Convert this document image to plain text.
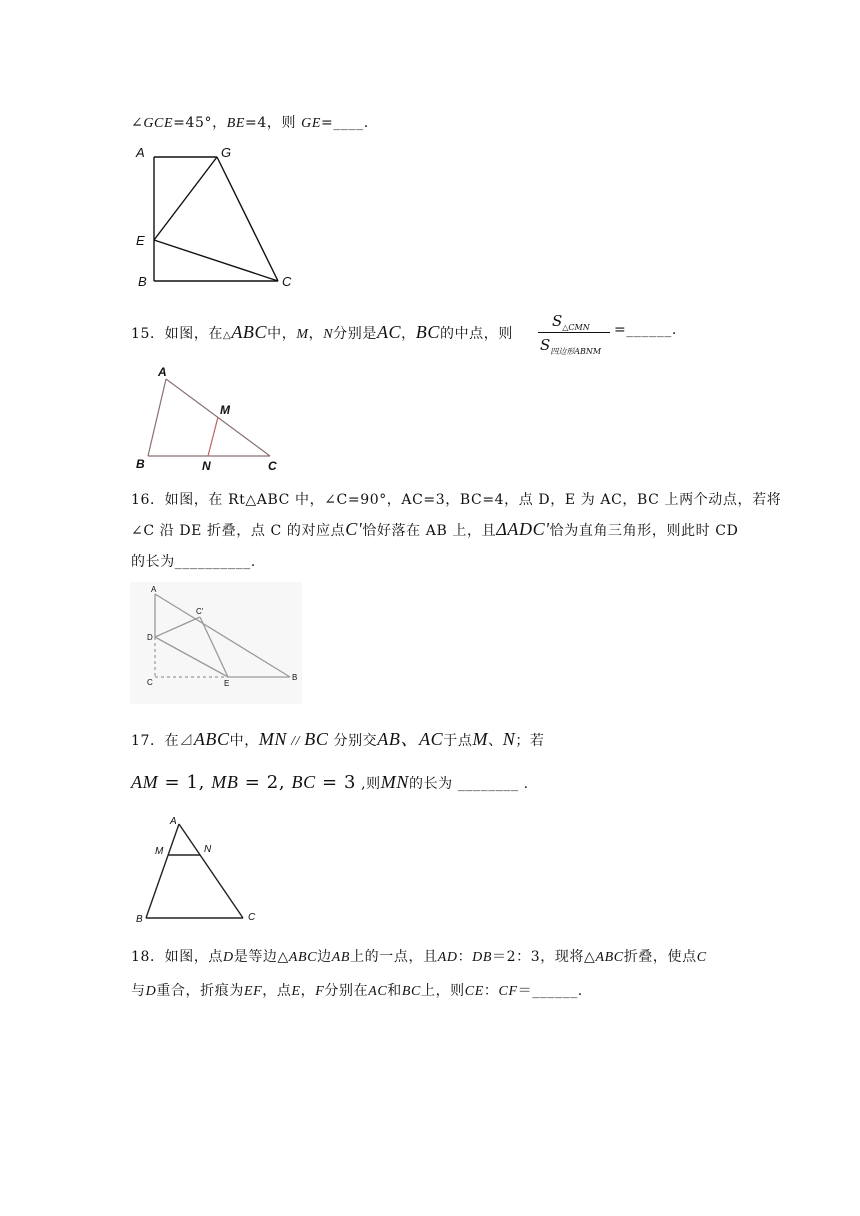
∠GCE=45°，BE=4，则 GE=____.
A	G
E
B	C
15．如图，在△ABC中，M，N分别是AC，BC的中点，则
$S_{\triangle CMN}$
$S_{四边形ABNM}$
=______.
A
M
B	N	C
16．如图，在 Rt△ABC 中，∠C=90°，AC=3，BC=4，点 D，E 为 AC，BC 上两个动点，若将
∠C 沿 DE 折叠，点 C 的对应点C'恰好落在 AB 上，且ΔADC'恰为直角三角形，则此时 CD
的长为__________.
A
C'
D
C	E
B
17．在⊿ABC中，MN // BC 分别交AB、AC于点M、N；若
AM = 1, MB = 2, BC = 3 ,则MN的长为 ________ .
A
M	N
B	C
18．如图，点D是等边△ABC边AB上的一点，且AD：DB＝2：3，现将△ABC折叠，使点C
与D重合，折痕为EF，点E，F分别在AC和BC上，则CE：CF＝______.
